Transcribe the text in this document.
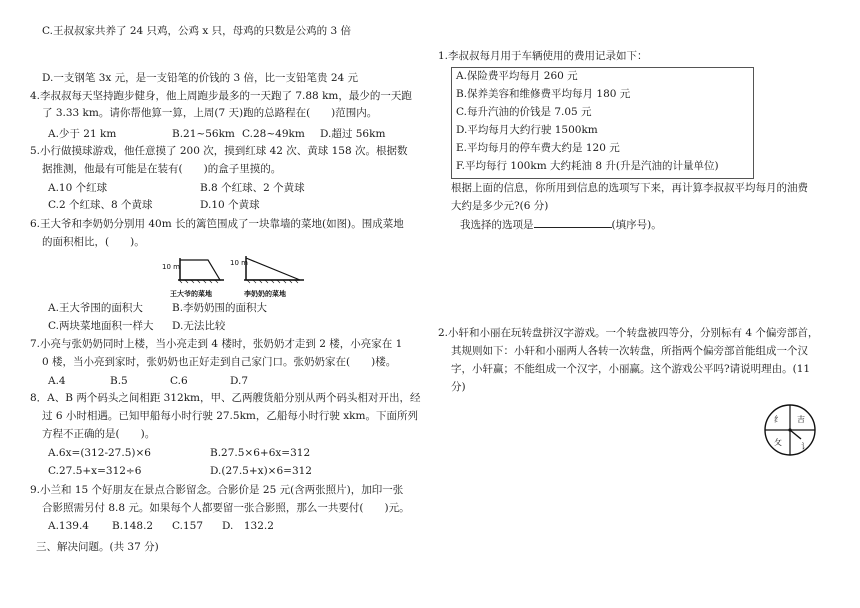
C.王叔叔家共养了 24 只鸡，公鸡 x 只，母鸡的只数是公鸡的 3 倍
D.一支钢笔 3x 元，是一支铅笔的价钱的 3 倍，比一支铅笔贵 24 元
4.李叔叔每天坚持跑步健身，他上周跑步最多的一天跑了 7.88 km，最少的一天跑
了 3.33 km。请你帮他算一算，上周(7 天)跑的总路程在(　　)范围内。
A.少于 21 km	B.21~56km C.28~49km D.超过 56km
5.小行做摸球游戏，他任意摸了 200 次，摸到红球 42 次、黄球 158 次。根据数
据推测，他最有可能是在装有(　　)的盒子里摸的。
A.10 个红球	B.8 个红球、2 个黄球
C.2 个红球、8 个黄球	D.10 个黄球
6.王大爷和李奶奶分别用 40m 长的篱笆围成了一块靠墙的菜地(如图)。围成菜地
的面积相比，(　　)。
10 m
王大爷的菜地
10 m
李奶奶的菜地
A.王大爷围的面积大	B.李奶奶围的面积大
C.两块菜地面积一样大 D.无法比较
7.小亮与张奶奶同时上楼，当小亮走到 4 楼时，张奶奶才走到 2 楼，小亮家在 1
0 楼，当小亮到家时，张奶奶也正好走到自己家门口。张奶奶家在(　　)楼。
A.4	B.5	C.6	D.7
8．A、B 两个码头之间相距 312km，甲、乙两艘货船分别从两个码头相对开出，经
过 6 小时相遇。已知甲船每小时行驶 27.5km，乙船每小时行驶 xkm。下面所列
方程不正确的是(　　)。
A.6x=(312-27.5)×6	B.27.5×6+6x=312
C.27.5+x=312÷6	D.(27.5+x)×6=312
9.小兰和 15 个好朋友在景点合影留念。合影价是 25 元(含两张照片)，加印一张
合影照需另付 8.8 元。如果每个人都要留一张合影照，那么一共要付(　　)元。
A.139.4 B.148.2 C.157 D.　132.2
三、解决问题。(共 37 分)
1.李叔叔每月用于车辆使用的费用记录如下：
A.保险费平均每月 260 元
B.保养美容和维修费平均每月 180 元
C.每升汽油的价钱是 7.05 元
D.平均每月大约行驶 1500km
E.平均每月的停车费大约是 120 元
F.平均每行 100km 大约耗油 8 升(升是汽油的计量单位)
根据上面的信息，你所用到信息的选项写下来，再计算李叔叔平均每月的油费
大约是多少元?(6 分)
我选择的选项是	(填序号)。
2.小轩和小丽在玩转盘拼汉字游戏。一个转盘被四等分，分别标有 4 个偏旁部首，
其规则如下：小轩和小丽两人各转一次转盘，所指两个偏旁部首能组成一个汉
字，小轩赢；不能组成一个汉字，小丽赢。这个游戏公平吗?请说明理由。(11
分)
纟 吉
攵 讠
